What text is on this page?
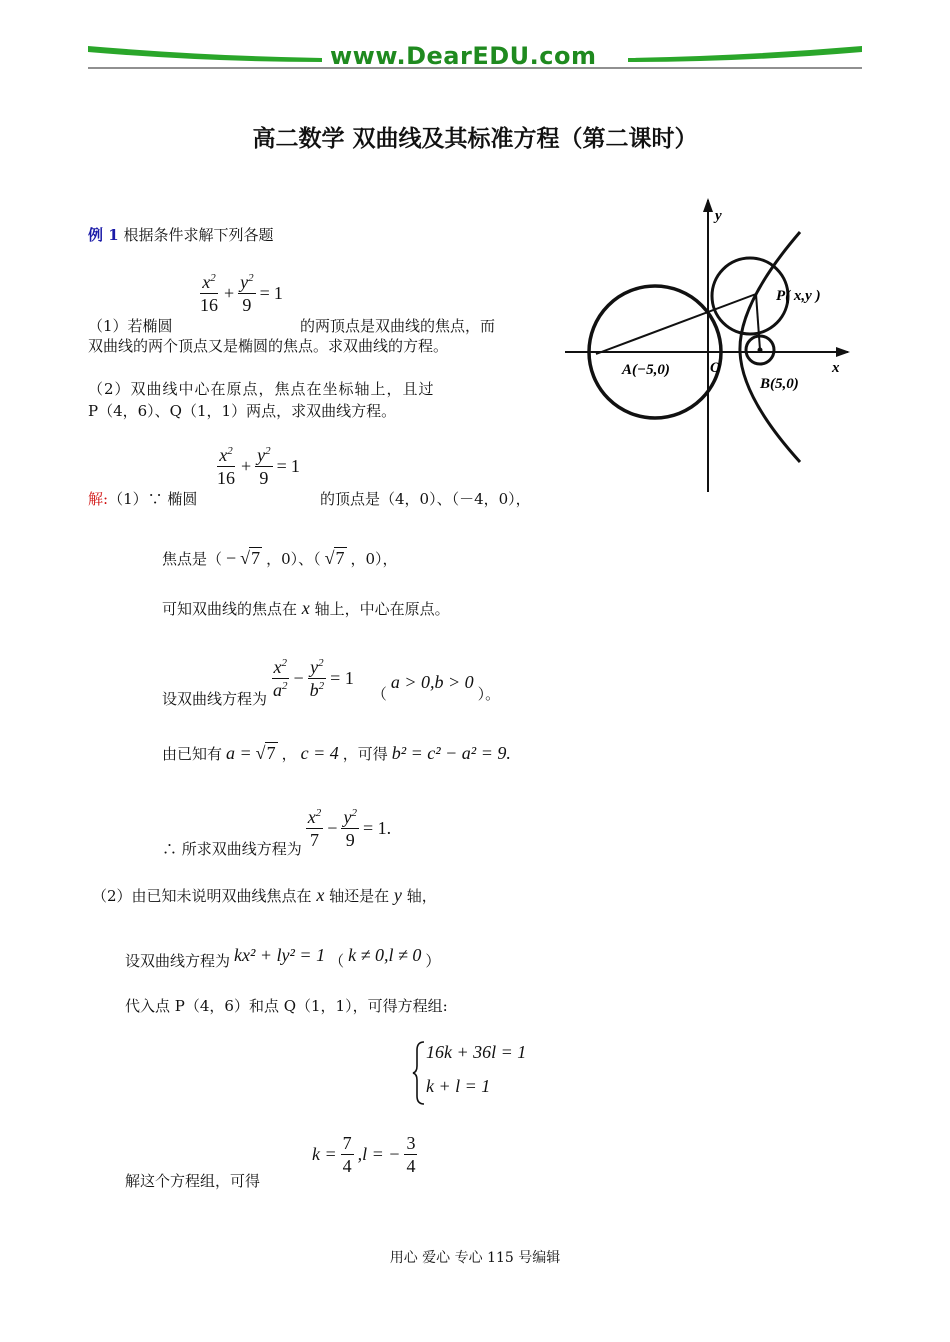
www.DearEDU.com
高二数学 双曲线及其标准方程（第二课时）
例 1 根据条件求解下列各题
$\frac{x^2}{16} + \frac{y^2}{9} = 1$
（1）若椭圆	的两顶点是双曲线的焦点，而
双曲线的两个顶点又是椭圆的焦点。求双曲线的方程。
（2）双曲线中心在原点，焦点在坐标轴上，且过
P（4，6）、Q（1，1）两点，求双曲线方程。
y
x
O
A(−5,0)
B(5,0)
P( x,y )
$\frac{x^2}{16} + \frac{y^2}{9} = 1$
解:（1）∵ 椭圆	的顶点是（4，0）、（－4，0），
焦点是（ − √ 7 ，0）、（ √ 7 ，0），
可知双曲线的焦点在 x 轴上，中心在原点。
设双曲线方程为 $\frac{x^2}{a^2} - \frac{y^2}{b^2} = 1$
（
a > 0,b > 0
）。
由已知有 a = √ 7 ， c = 4 ，可得 b² = c² − a² = 9.
∴ 所求双曲线方程为 $\frac{x^2}{7} - \frac{y^2}{9} = 1$.
（2）由已知未说明双曲线焦点在 x 轴还是在 y 轴，
设双曲线方程为 kx² + ly² = 1 （ k ≠ 0,l ≠ 0 ）
代入点 P（4，6）和点 Q（1，1），可得方程组:
16k + 36l = 1
k + l = 1
解这个方程组，可得
$k = \frac{7}{4} ,l$ = − $\frac{3}{4}$
用心 爱心 专心 115 号编辑
